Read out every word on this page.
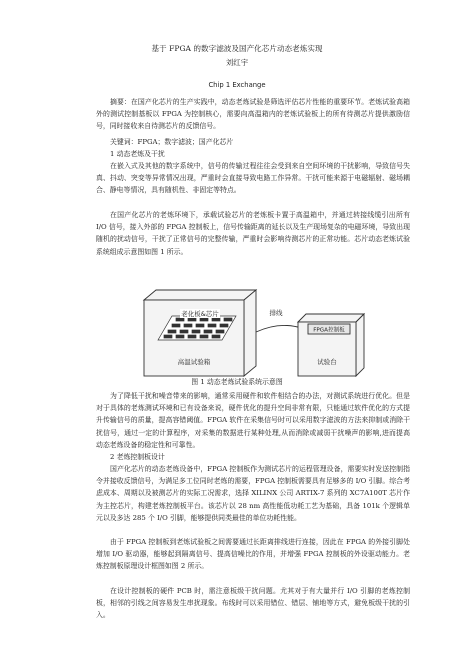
基于 FPGA 的数字滤波及国产化芯片动态老炼实现
刘红宇
Chip 1 Exchange
摘要：在国产化芯片的生产实践中，动态老炼试验是筛选评估芯片性能的重要环节。老炼试验高箱外的测试控制基板以 FPGA 为控制核心，需要向高温箱内的老炼试验板上的所有待测芯片提供激励信号，同时接收来自待测芯片的反馈信号。
关键词：FPGA；数字滤波；国产化芯片
1 动态老炼及干扰
在嵌入式及其他的数字系统中，信号的传输过程往往会受到来自空间环境的干扰影响，导致信号失真、抖动、突变等异常情况出现，严重时会直接导致电路工作异常。干扰可能来源于电磁辐射、磁场耦合、静电等情况，具有随机性、非固定等特点。
在国产化芯片的老炼环境下，承载试验芯片的老炼板卡置于高温箱中，并通过转接线缆引出所有 I/O 信号，接入外部的 FPGA 控制板上，信号传输距离的延长以及生产现场复杂的电磁环境，导致出现随机的扰动信号，干扰了正常信号的完整传输，严重时会影响待测芯片的正常功能。芯片动态老炼试验系统组成示意图如图 1 所示。
老化板&芯片
高温试验箱
排线
FPGA控制板
试验台
图 1 动态老炼试验系统示意图
为了降低干扰和噪音带来的影响，通常采用硬件和软件相结合的办法，对测试系统进行优化。但是对于具体的老炼测试环境和已有设备来说，硬件优化的提升空间非常有限，只能通过软件优化的方式提升传输信号的质量，提高容错阈值。FPGA 软件在采集信号时可以采用数字滤波的方法来抑制或消除干扰信号，通过一定的计算程序，对采集的数据进行某种处理,从而消除或减弱干扰噪声的影响,进而提高动态老炼设备的稳定性和可靠性。
2 老炼控制板设计
国产化芯片的动态老炼设备中，FPGA 控制板作为测试芯片的运程管理设备，需要实时发送控制指令并接收反馈信号，为满足多工位同时老炼的需要，FPGA 控制板需要具有足够多的 I/O 引脚。综合考虑成本、周期以及被测芯片的实际工况需求，选择 XILINX 公司 ARTIX-7 系列的 XC7A100T 芯片作为主控芯片，构建老炼控制板平台。该芯片以 28 nm 高性能低功耗工艺为基础，具备 101k 个逻辑单元以及多达 285 个 I/O 引脚，能够提供同类最佳的单位功耗性能。
由于 FPGA 控制板到老炼试验板之间需要通过长距离排线进行连接，因此在 FPGA 的外接引脚处增加 I/O 驱动器，能够起到隔离信号、提高信噪比的作用，并增强 FPGA 控制板的外设驱动能力。老炼控制板原理设计框图如图 2 所示。
在设计控制板的硬件 PCB 时，需注意板级干扰问题。尤其对于有大量并行 I/O 引脚的老炼控制板，相邻的引线之间容易发生串扰现象。布线时可以采用错位、错层、铺地等方式，避免板级干扰的引入。
